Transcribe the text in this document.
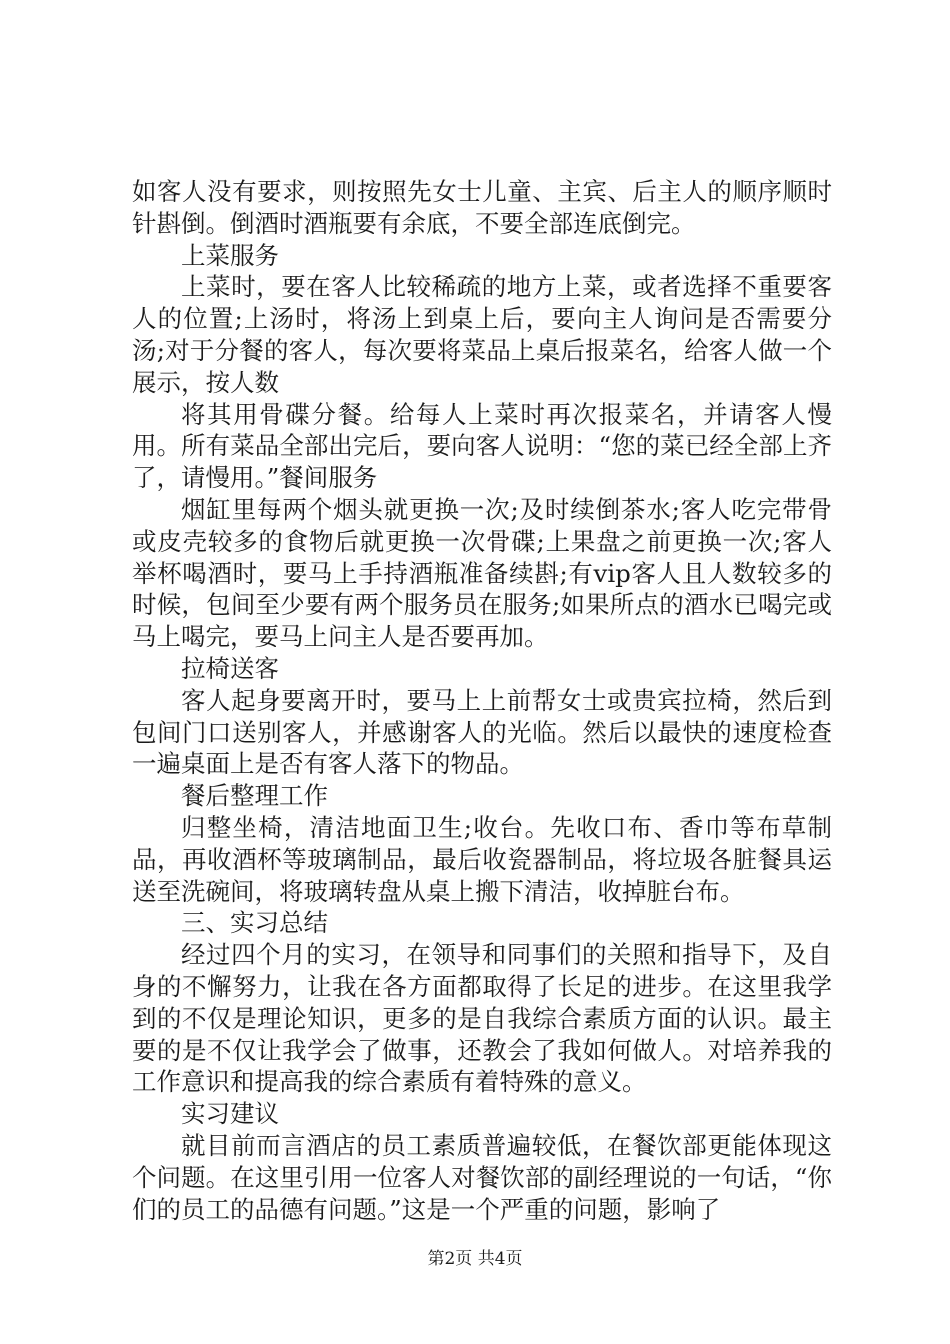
如客人没有要求，则按照先女士儿童、主宾、后主人的顺序顺时针斟倒。倒酒时酒瓶要有余底，不要全部连底倒完。

上菜服务

上菜时，要在客人比较稀疏的地方上菜，或者选择不重要客人的位置;上汤时，将汤上到桌上后，要向主人询问是否需要分汤;对于分餐的客人，每次要将菜品上桌后报菜名，给客人做一个展示，按人数

将其用骨碟分餐。给每人上菜时再次报菜名，并请客人慢用。所有菜品全部出完后，要向客人说明：“您的菜已经全部上齐了，请慢用。”餐间服务

烟缸里每两个烟头就更换一次;及时续倒茶水;客人吃完带骨或皮壳较多的食物后就更换一次骨碟;上果盘之前更换一次;客人举杯喝酒时，要马上手持酒瓶准备续斟;有vip客人且人数较多的时候，包间至少要有两个服务员在服务;如果所点的酒水已喝完或马上喝完，要马上问主人是否要再加。

拉椅送客

客人起身要离开时，要马上上前帮女士或贵宾拉椅，然后到包间门口送别客人，并感谢客人的光临。然后以最快的速度检查一遍桌面上是否有客人落下的物品。

餐后整理工作

归整坐椅，清洁地面卫生;收台。先收口布、香巾等布草制品，再收酒杯等玻璃制品，最后收瓷器制品，将垃圾各脏餐具运送至洗碗间，将玻璃转盘从桌上搬下清洁，收掉脏台布。

三、实习总结

经过四个月的实习，在领导和同事们的关照和指导下，及自身的不懈努力，让我在各方面都取得了长足的进步。在这里我学到的不仅是理论知识，更多的是自我综合素质方面的认识。最主要的是不仅让我学会了做事，还教会了我如何做人。对培养我的工作意识和提高我的综合素质有着特殊的意义。

实习建议

就目前而言酒店的员工素质普遍较低，在餐饮部更能体现这个问题。在这里引用一位客人对餐饮部的副经理说的一句话，“你们的员工的品德有问题。”这是一个严重的问题，影响了

第2页 共4页
